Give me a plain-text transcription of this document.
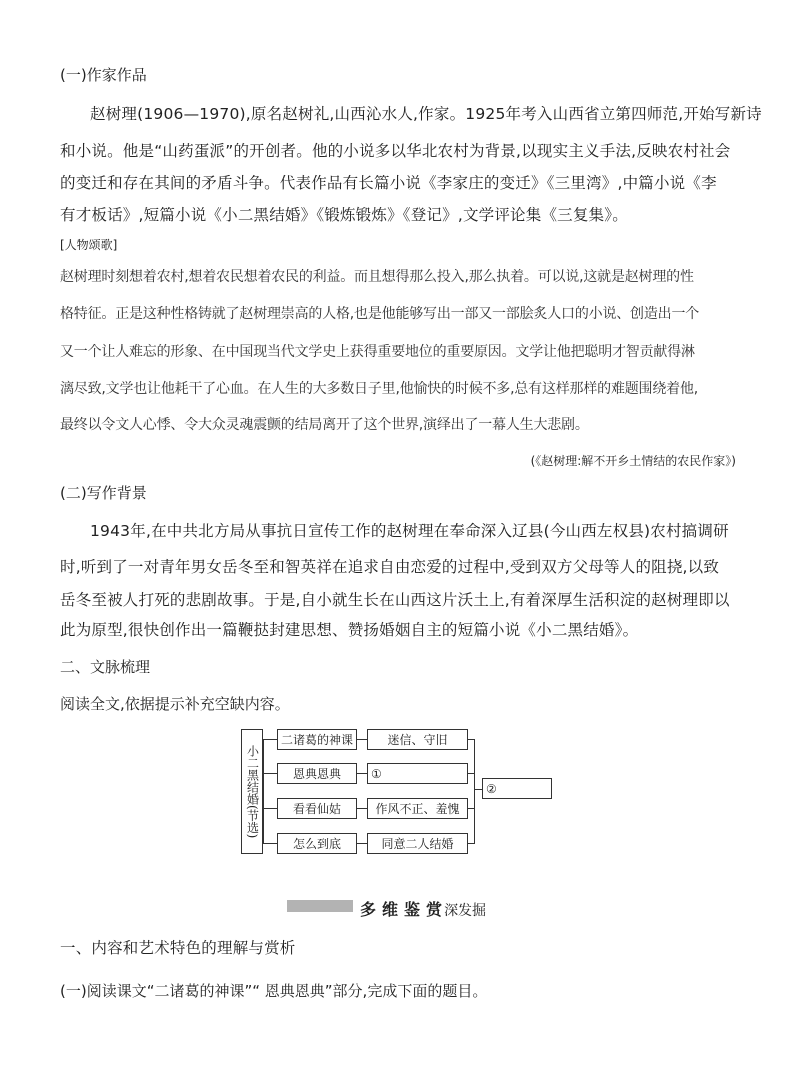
(一)作家作品
赵树理(1906—1970),原名赵树礼,山西沁水人,作家。1925年考入山西省立第四师范,开始写新诗
和小说。他是“山药蛋派”的开创者。他的小说多以华北农村为背景,以现实主义手法,反映农村社会
的变迁和存在其间的矛盾斗争。代表作品有长篇小说《李家庄的变迁》《三里湾》,中篇小说《李
有才板话》,短篇小说《小二黑结婚》《锻炼锻炼》《登记》,文学评论集《三复集》。
[人物颂歌]
赵树理时刻想着农村,想着农民想着农民的利益。而且想得那么投入,那么执着。可以说,这就是赵树理的性
格特征。正是这种性格铸就了赵树理崇高的人格,也是他能够写出一部又一部脍炙人口的小说、创造出一个
又一个让人难忘的形象、在中国现当代文学史上获得重要地位的重要原因。文学让他把聪明才智贡献得淋
漓尽致,文学也让他耗干了心血。在人生的大多数日子里,他愉快的时候不多,总有这样那样的难题围绕着他,
最终以令文人心悸、令大众灵魂震颤的结局离开了这个世界,演绎出了一幕人生大悲剧。
(《赵树理:解不开乡土情结的农民作家》)
(二)写作背景
1943年,在中共北方局从事抗日宣传工作的赵树理在奉命深入辽县(今山西左权县)农村搞调研
时,听到了一对青年男女岳冬至和智英祥在追求自由恋爱的过程中,受到双方父母等人的阻挠,以致
岳冬至被人打死的悲剧故事。于是,自小就生长在山西这片沃土上,有着深厚生活积淀的赵树理即以
此为原型,很快创作出一篇鞭挞封建思想、赞扬婚姻自主的短篇小说《小二黑结婚》。
二、文脉梳理
阅读全文,依据提示补充空缺内容。
小二黑结婚(节选)
二诸葛的神课
恩典恩典
看看仙姑
怎么到底
迷信、守旧
①
作风不正、羞愧
同意二人结婚
②
多 维 鉴 赏 深发掘
一、内容和艺术特色的理解与赏析
(一)阅读课文“二诸葛的神课”“ 恩典恩典”部分,完成下面的题目。
